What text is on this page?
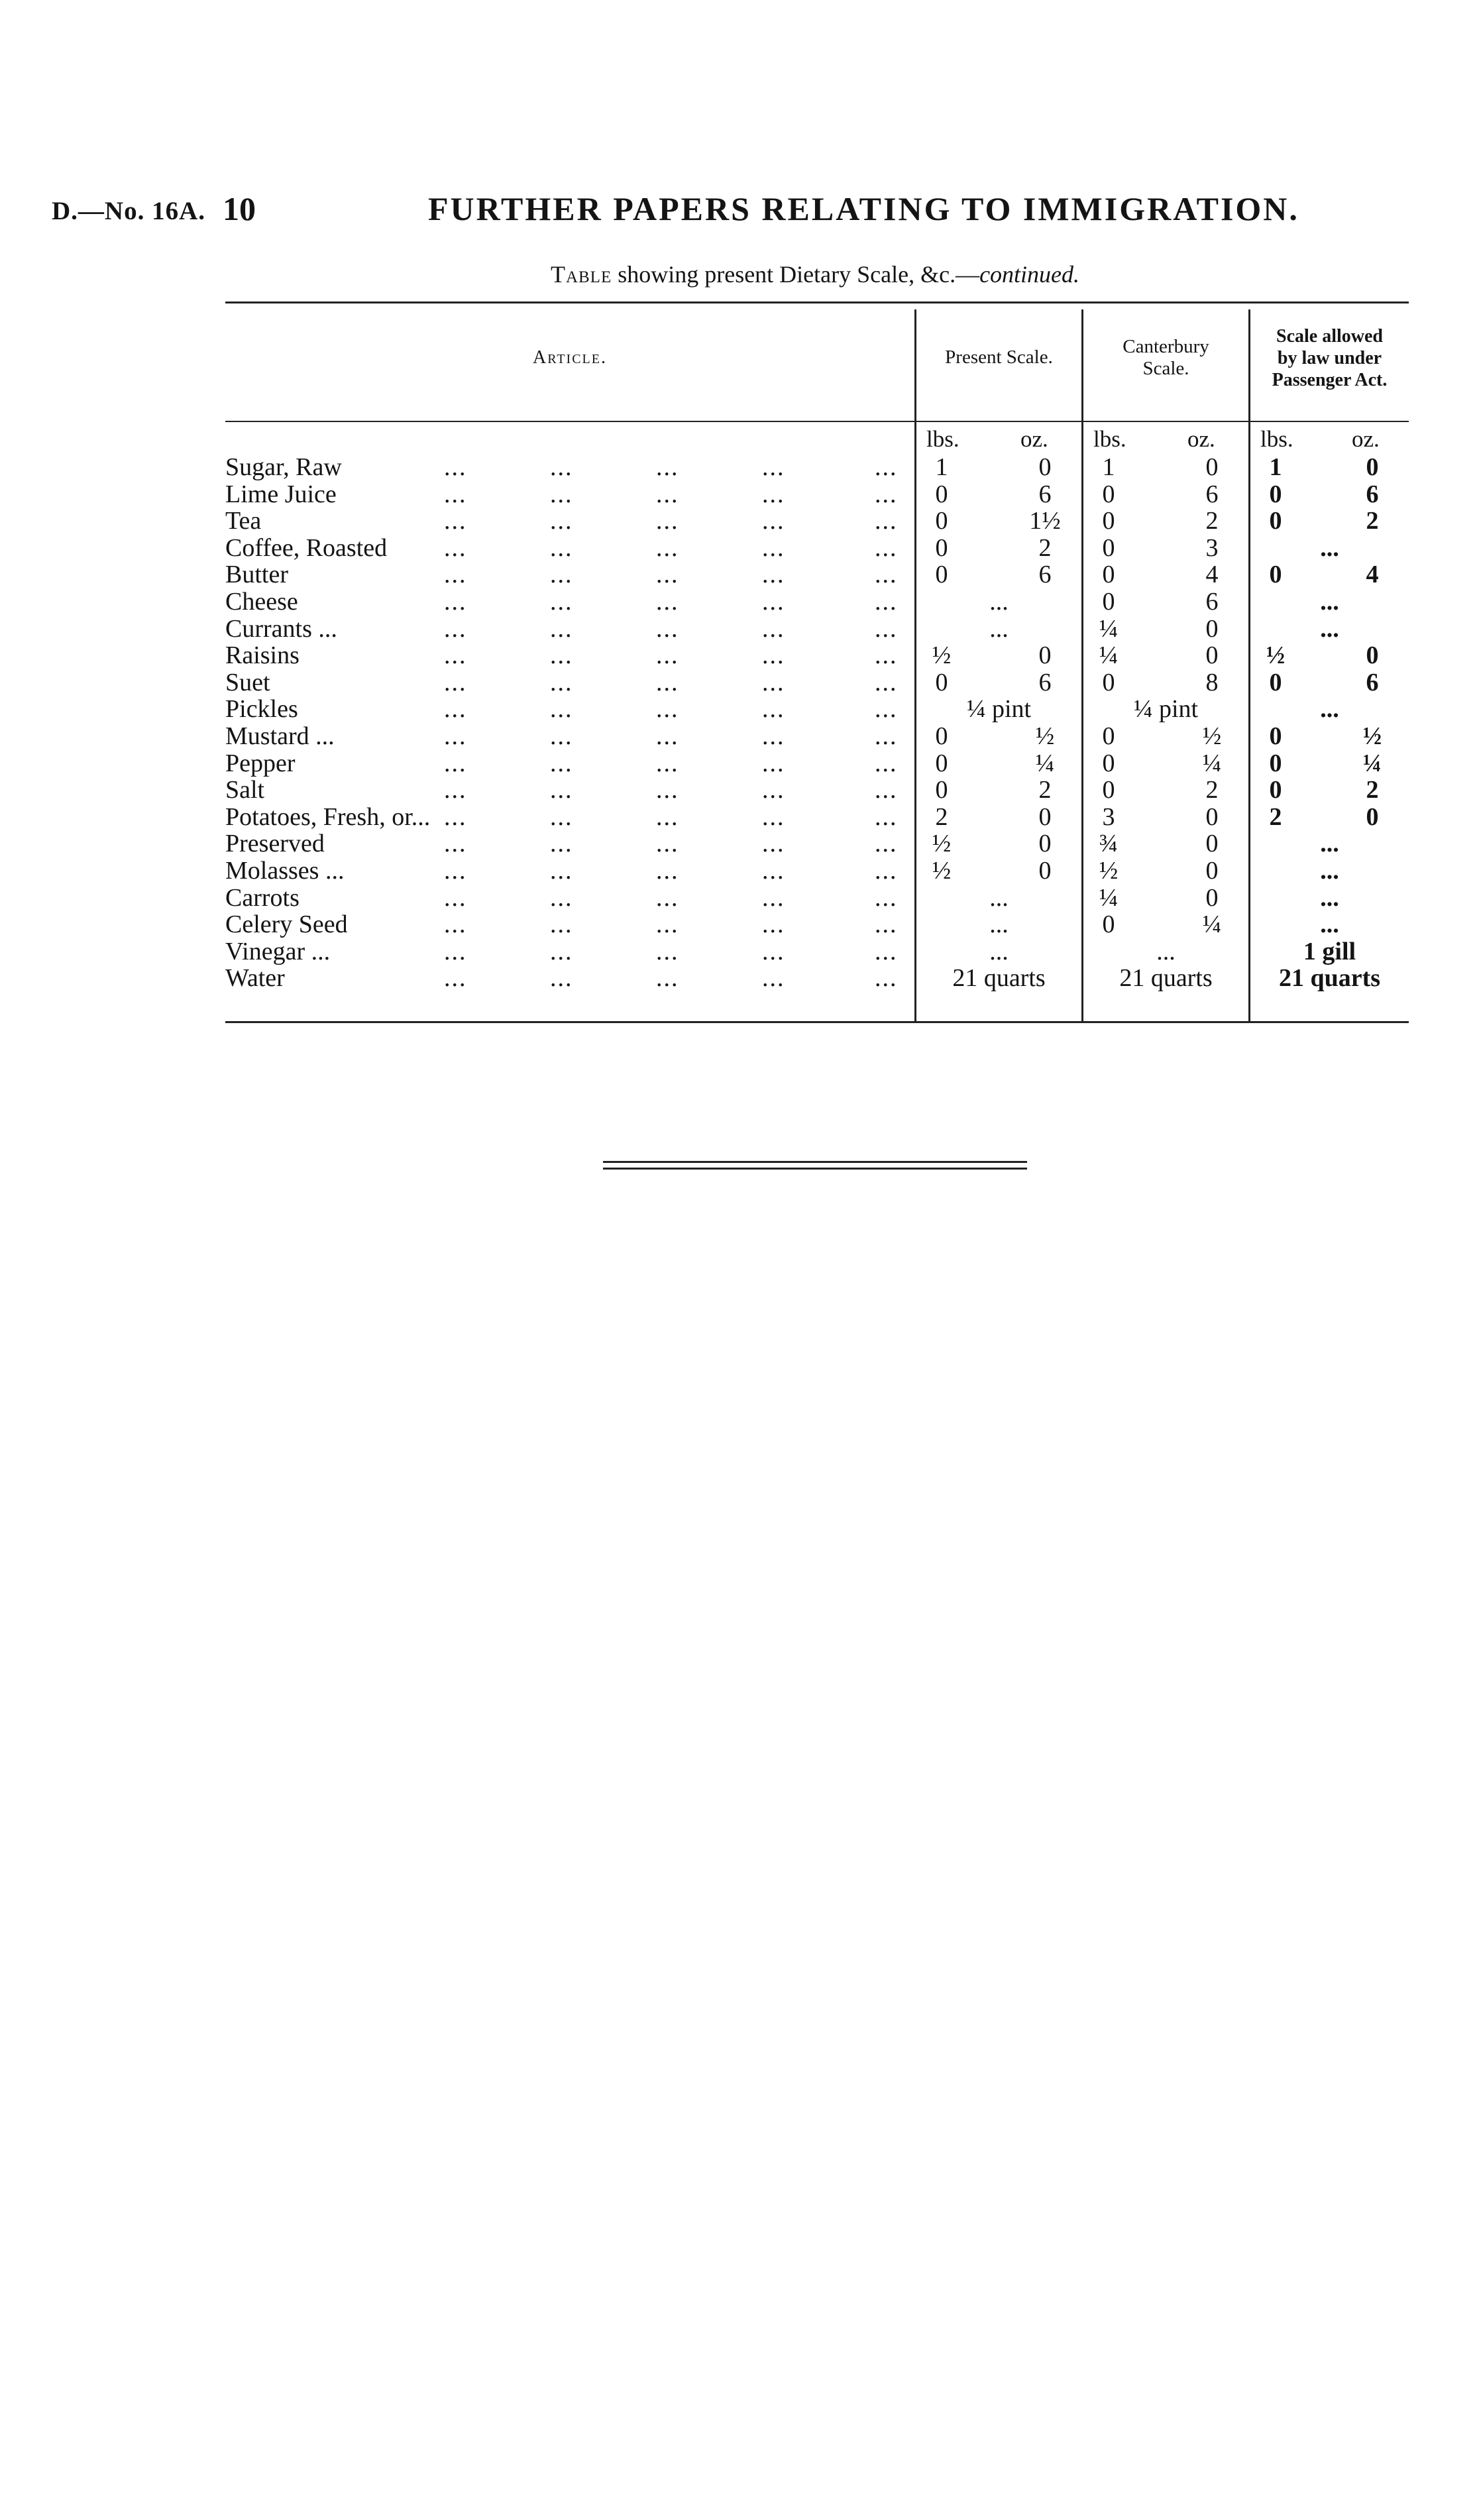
D.—No. 16A. 10	FURTHER PAPERS RELATING TO IMMIGRATION.
Table showing present Dietary Scale, &c.—continued.
Article.	Present Scale.	Canterbury
Scale.
Scale allowed
by law under
Passenger Act.
lbs.	oz. lbs.	oz. lbs.	oz.
Sugar, Raw	...	...	...	...	...	1	0	1	0	1	0
Lime Juice	...	...	...	...	...	0	6	0	6	0	6
Tea	...	...	...	...	...	0	1½	0	2	0	2
Coffee, Roasted ...	...	...	...	...	0	2	0	3	...
Butter	...	...	...	...	...	0	6	0	4	0	4
Cheese	...	...	...	...	...	...	0	6	...
Currants ...	...	...	...	...	...	...	¼	0	...
Raisins	...	...	...	...	...	½	0	¼	0	½	0
Suet	...	...	...	...	...	0	6	0	8	0	6
Pickles	...	...	...	...	...	¼ pint	¼ pint	...
Mustard ...	...	...	...	...	...	0	½	0	½	0	½
Pepper	...	...	...	...	...	0	¼	0	¼	0	¼
Salt	...	...	...	...	...	0	2	0	2	0	2
Potatoes, Fresh, or... ...	...	...	...	...	2	0	3	0	2	0
Preserved	...	...	...	...	...	½	0	¾	0	...
Molasses ...	...	...	...	...	...	½	0	½	0	...
Carrots	...	...	...	...	...	...	¼	0	...
Celery Seed	...	...	...	...	...	...	0	¼	...
Vinegar ...	...	...	...	...	...	...	...	1 gill
Water	...	...	...	...	...	21 quarts	21 quarts	21 quarts
